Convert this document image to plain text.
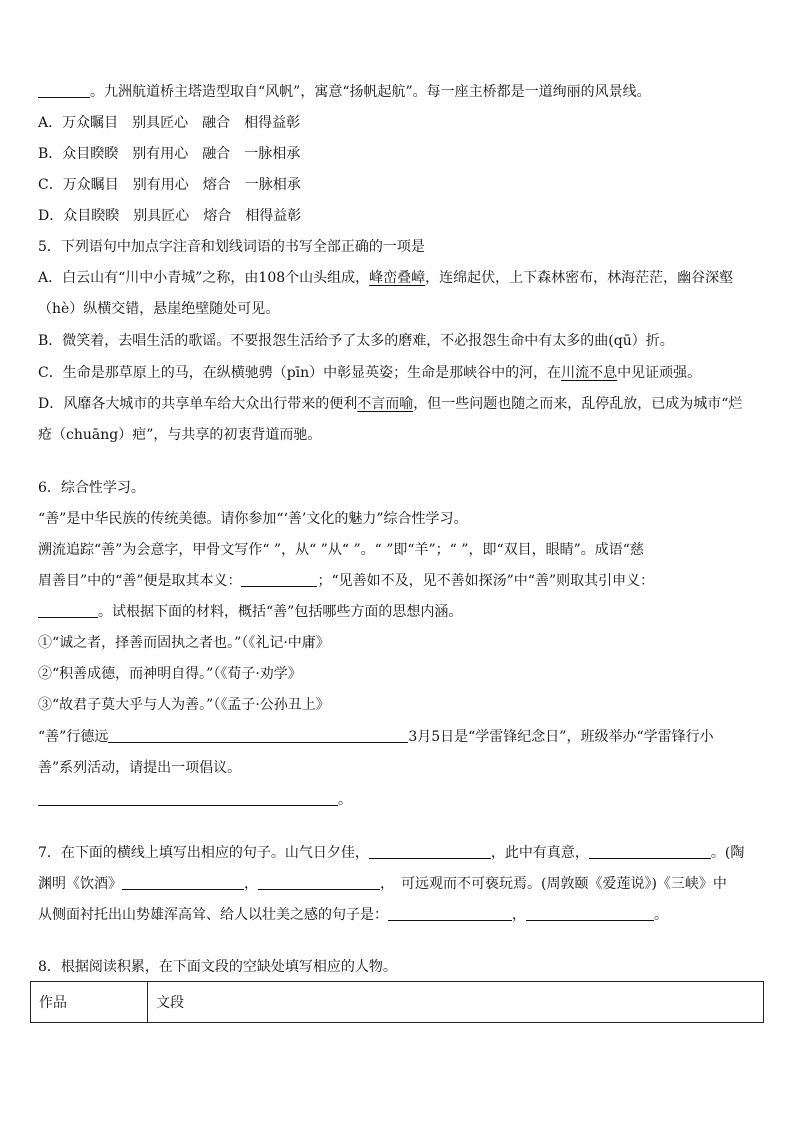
。九洲航道桥主塔造型取自“风帆”，寓意“扬帆起航”。每一座主桥都是一道绚丽的风景线。
A．万众瞩目　别具匠心　融合　相得益彰
B．众目睽睽　别有用心　融合　一脉相承
C．万众瞩目　别有用心　熔合　一脉相承
D．众目睽睽　别具匠心　熔合　相得益彰
5．下列语句中加点字注音和划线词语的书写全部正确的一项是
A．白云山有“川中小青城”之称，由108个山头组成，峰峦叠嶂，连绵起伏，上下森林密布，林海茫茫，幽谷深壑
（hè）纵横交错，悬崖绝壁随处可见。
B．微笑着，去唱生活的歌谣。不要报怨生活给予了太多的磨难，不必报怨生命中有太多的曲(qū）折。
C．生命是那草原上的马，在纵横驰骋（pīn）中彰显英姿；生命是那峡谷中的河，在川流不息中见证顽强。
D．风靡各大城市的共享单车给大众出行带来的便利不言而喻，但一些问题也随之而来，乱停乱放，已成为城市“烂
疮（chuāng）疤”，与共享的初衷背道而驰。
6．综合性学习。
“善”是中华民族的传统美德。请你参加“‘善’文化的魅力”综合性学习。
溯流追踪“善”为会意字，甲骨文写作“ ”，从“ ”从“ ”。“ ”即“羊”；“ ”，即“双目，眼睛”。成语“慈
眉善目”中的“善”便是取其本义：	；“见善如不及，见不善如探汤”中“善”则取其引申义：
。试根据下面的材料，概括“善”包括哪些方面的思想内涵。
①“诚之者，择善而固执之者也。”（《礼记·中庸》
②“积善成德，而神明自得。”（《荀子·劝学》
③“故君子莫大乎与人为善。”（《孟子·公孙丑上》
“善”行德远	3月5日是“学雷锋纪念日”，班级举办“学雷锋行小
善”系列活动，请提出一项倡议。
。
7．在下面的横线上填写出相应的句子。山气日夕佳，	，此中有真意，	。(陶
渊明《饮酒》	，	，　可远观而不可亵玩焉。(周敦颐《爱莲说》)《三峡》中
从侧面衬托出山势雄浑高耸、给人以壮美之感的句子是：	，	。
8．根据阅读积累，在下面文段的空缺处填写相应的人物。
作品	文段
